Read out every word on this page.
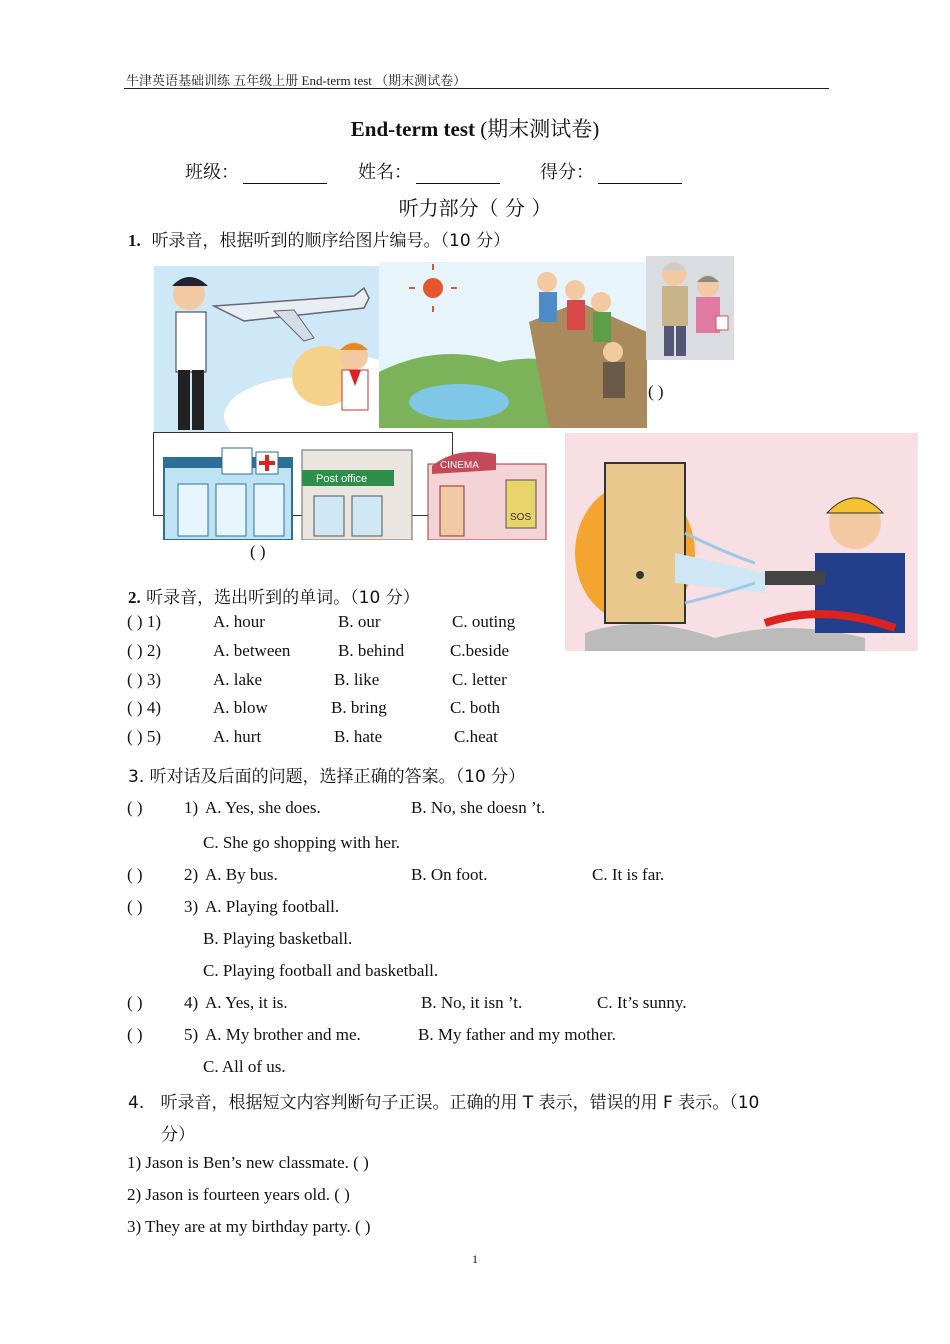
牛津英语基础训练 五年级上册 End-term test （期末测试卷）
End-term test (期末测试卷)
班级：	姓名：	得分：
听力部分（ 分 ）
1. 听录音，根据听到的顺序给图片编号。（10 分）
( )
Post office
CINEMA
SOS
( )
2. 听录音，选出听到的单词。（10 分）
( ) 1)	A. hour	B. our	C. outing
( ) 2)	A. between	B. behind	C.beside
( ) 3)	A. lake	B. like	C. letter
( ) 4)	A. blow	B. bring	C. both
( ) 5)	A. hurt	B. hate	C.heat
3. 听对话及后面的问题，选择正确的答案。（10 分）
( ) 1) A. Yes, she does.	B. No, she doesn ’t.
C. She go shopping with her.
( ) 2) A. By bus.	B. On foot.	C. It is far.
( ) 3) A. Playing football.
B. Playing basketball.
C. Playing football and basketball.
( ) 4) A. Yes, it is.	B. No, it isn ’t.	C. It’s sunny.
( ) 5) A. My brother and me.	B. My father and my mother.
C. All of us.
4. 听录音，根据短文内容判断句子正误。正确的用 T 表示，错误的用 F 表示。（10
分）
1) Jason is Ben’s new classmate. ( )
2) Jason is fourteen years old. ( )
3) They are at my birthday party. ( )
1
